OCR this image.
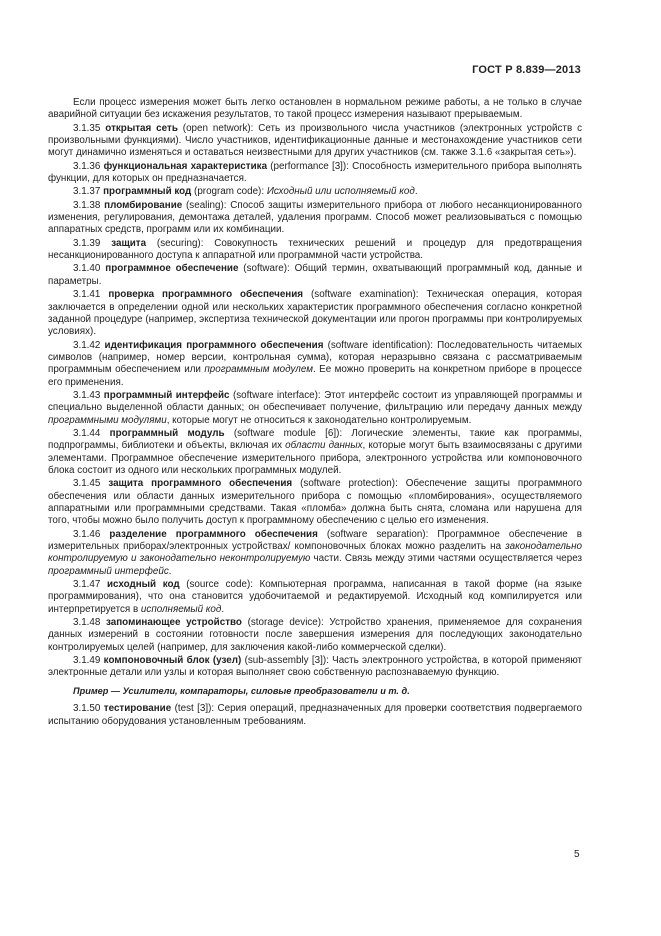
ГОСТ Р 8.839—2013

Если процесс измерения может быть легко остановлен в нормальном режиме работы, а не только в случае аварийной ситуации без искажения результатов, то такой процесс измерения называют прерываемым.

3.1.35 открытая сеть (open network): Сеть из произвольного числа участников (электронных устройств с произвольными функциями). Число участников, идентификационные данные и местонахождение участников сети могут динамично изменяться и оставаться неизвестными для других участников (см. также 3.1.6 «закрытая сеть»).

3.1.36 функциональная характеристика (performance [3]): Способность измерительного прибора выполнять функции, для которых он предназначается.

3.1.37 программный код (program code): Исходный или исполняемый код.

3.1.38 пломбирование (sealing): Способ защиты измерительного прибора от любого несанкционированного изменения, регулирования, демонтажа деталей, удаления программ. Способ может реализовываться с помощью аппаратных средств, программ или их комбинации.

3.1.39 защита (securing): Совокупность технических решений и процедур для предотвращения несанкционированного доступа к аппаратной или программной части устройства.

3.1.40 программное обеспечение (software): Общий термин, охватывающий программный код, данные и параметры.

3.1.41 проверка программного обеспечения (software examination): Техническая операция, которая заключается в определении одной или нескольких характеристик программного обеспечения согласно конкретной заданной процедуре (например, экспертиза технической документации или прогон программы при контролируемых условиях).

3.1.42 идентификация программного обеспечения (software identification): Последовательность читаемых символов (например, номер версии, контрольная сумма), которая неразрывно связана с рассматриваемым программным обеспечением или программным модулем. Ее можно проверить на конкретном приборе в процессе его применения.

3.1.43 программный интерфейс (software interface): Этот интерфейс состоит из управляющей программы и специально выделенной области данных; он обеспечивает получение, фильтрацию или передачу данных между программными модулями, которые могут не относиться к законодательно контролируемым.

3.1.44 программный модуль (software module [6]): Логические элементы, такие как программы, подпрограммы, библиотеки и объекты, включая их области данных, которые могут быть взаимосвязаны с другими элементами. Программное обеспечение измерительного прибора, электронного устройства или компоновочного блока состоит из одного или нескольких программных модулей.

3.1.45 защита программного обеспечения (software protection): Обеспечение защиты программного обеспечения или области данных измерительного прибора с помощью «пломбирования», осуществляемого аппаратными или программными средствами. Такая «пломба» должна быть снята, сломана или нарушена для того, чтобы можно было получить доступ к программному обеспечению с целью его изменения.

3.1.46 разделение программного обеспечения (software separation): Программное обеспечение в измерительных приборах/электронных устройствах/ компоновочных блоках можно разделить на законодательно контролируемую и законодательно неконтролируемую части. Связь между этими частями осуществляется через программный интерфейс.

3.1.47 исходный код (source code): Компьютерная программа, написанная в такой форме (на языке программирования), что она становится удобочитаемой и редактируемой. Исходный код компилируется или интерпретируется в исполняемый код.

3.1.48 запоминающее устройство (storage device): Устройство хранения, применяемое для сохранения данных измерений в состоянии готовности после завершения измерения для последующих законодательно контролируемых целей (например, для заключения какой-либо коммерческой сделки).

3.1.49 компоновочный блок (узел) (sub-assembly [3]): Часть электронного устройства, в которой применяют электронные детали или узлы и которая выполняет свою собственную распознаваемую функцию.

Пример — Усилители, компараторы, силовые преобразователи и т. д.

3.1.50 тестирование (test [3]): Серия операций, предназначенных для проверки соответствия подвергаемого испытанию оборудования установленным требованиям.

5
